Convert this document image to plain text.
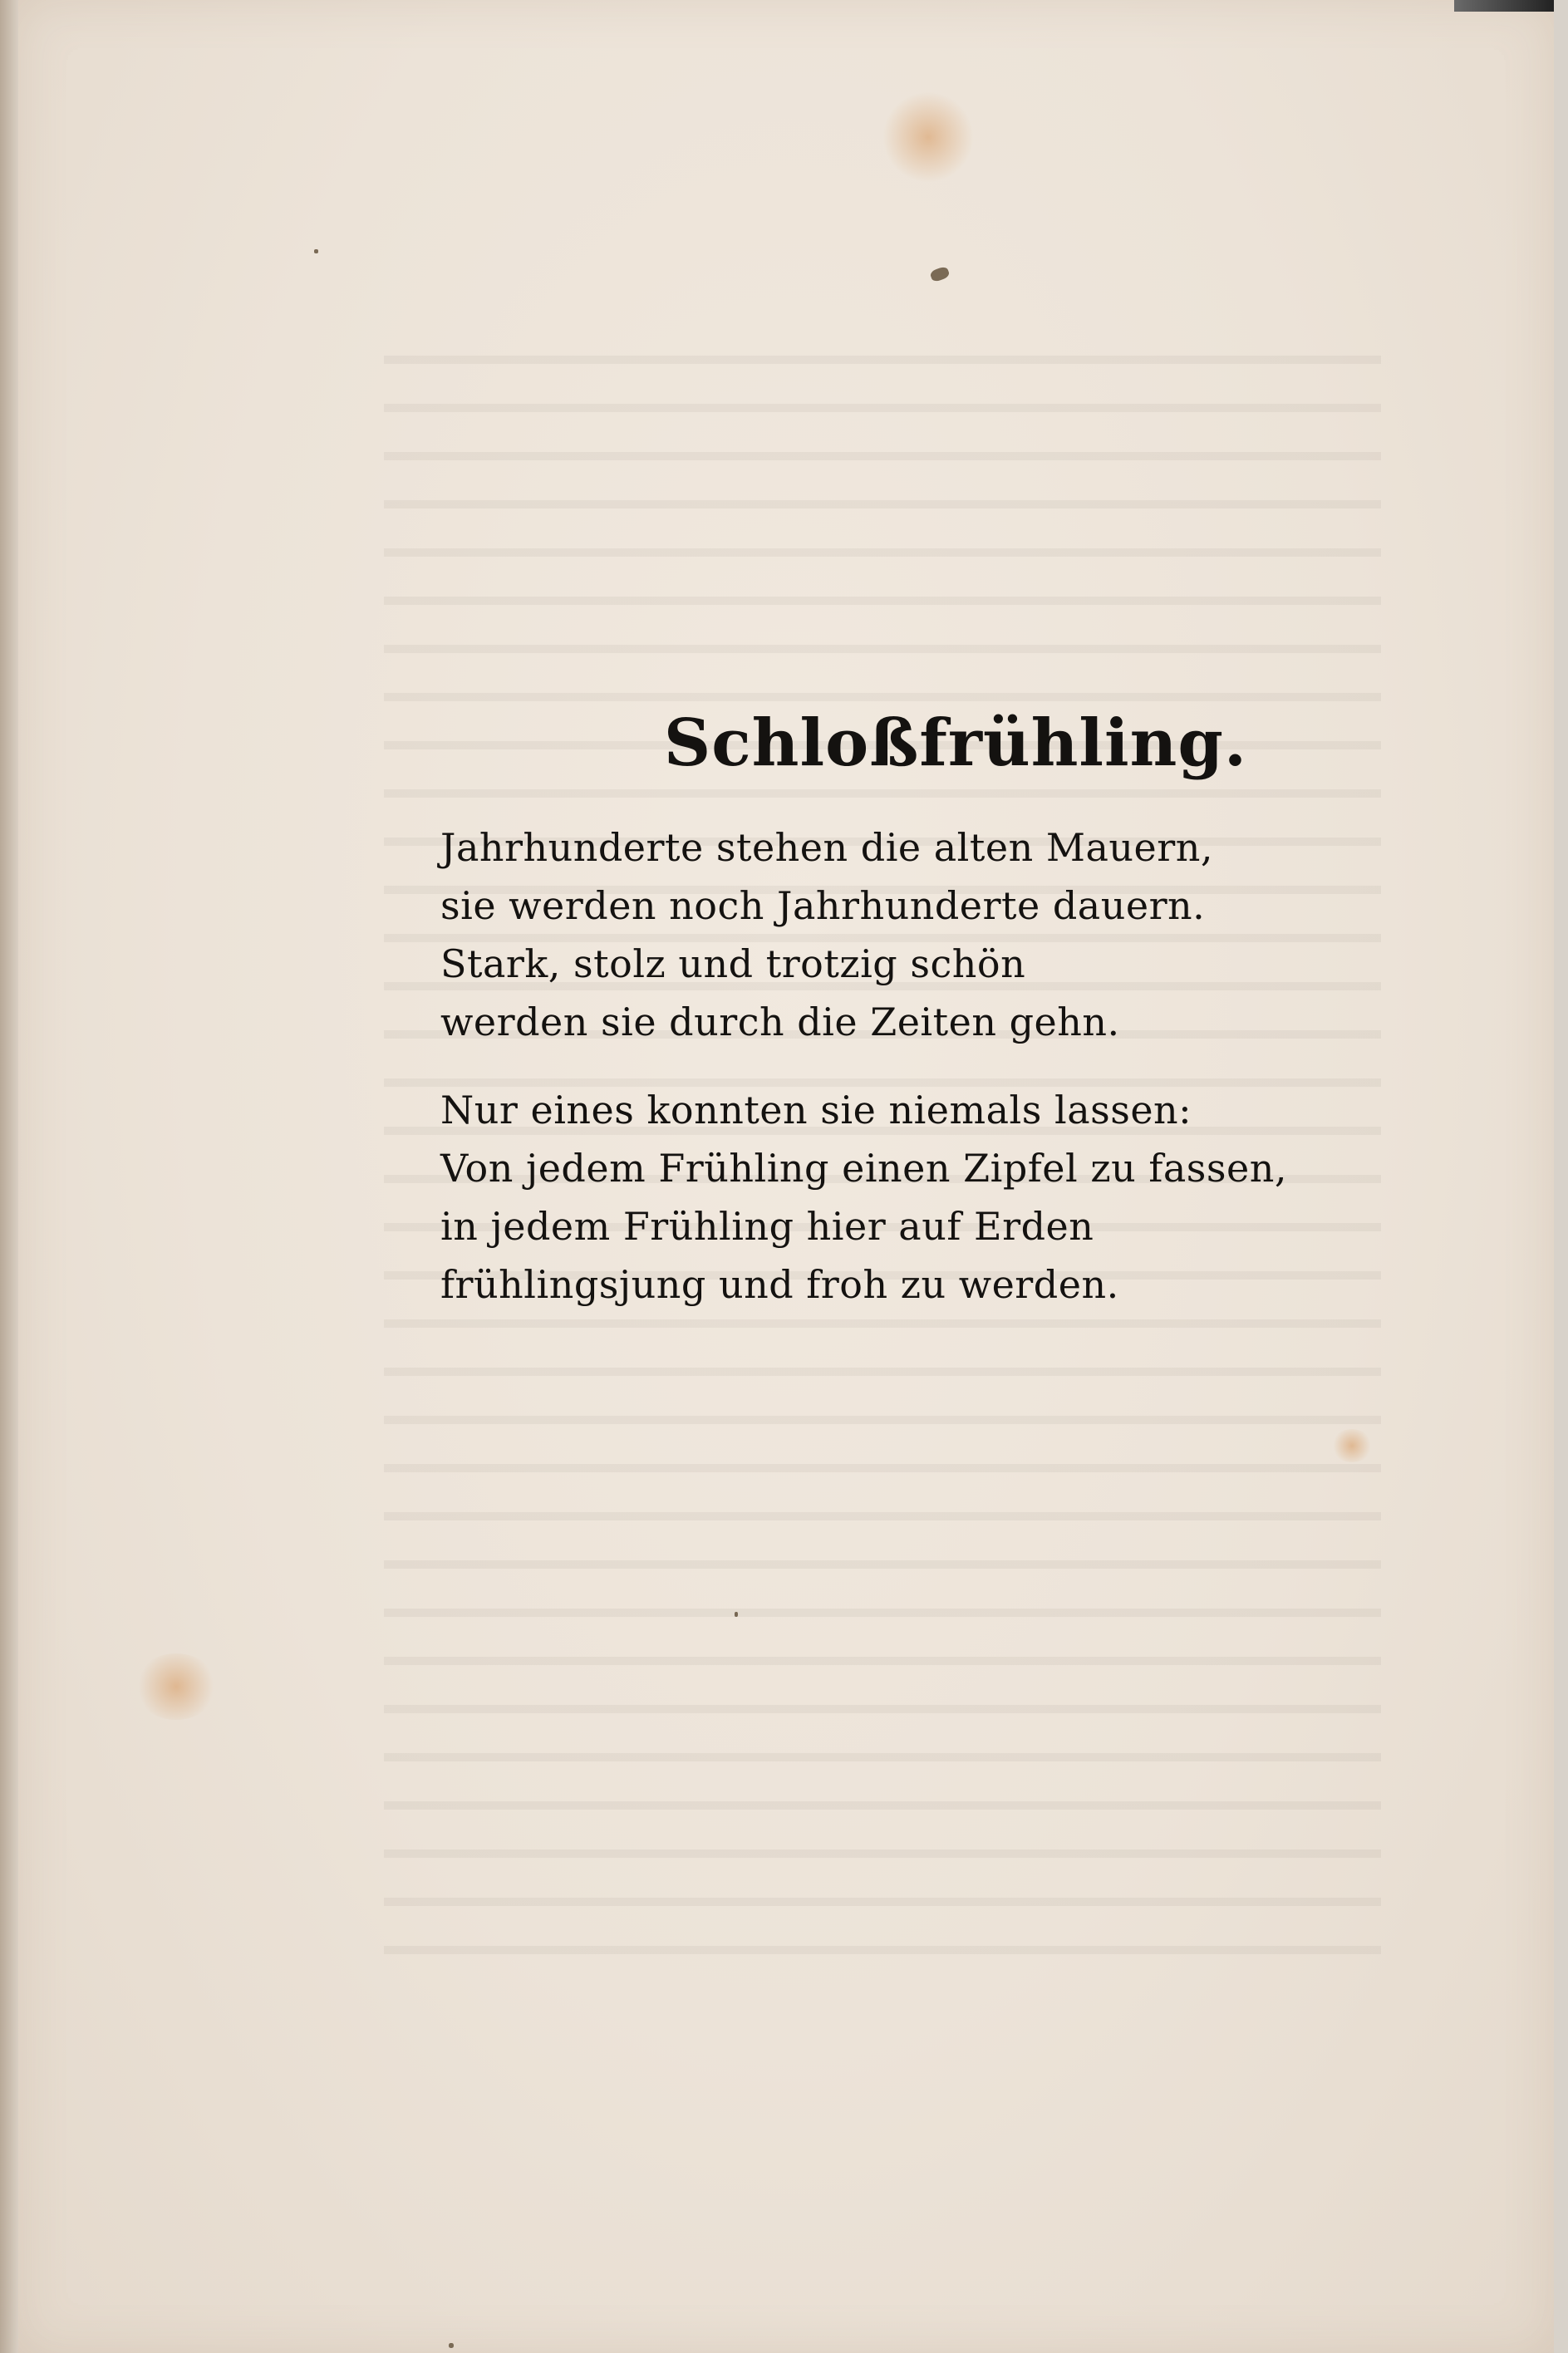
Schloßfrühling.
Jahrhunderte stehen die alten Mauern,
sie werden noch Jahrhunderte dauern.
Stark, stolz und trotzig schön
werden sie durch die Zeiten gehn.
Nur eines konnten sie niemals lassen:
Von jedem Frühling einen Zipfel zu fassen,
in jedem Frühling hier auf Erden
frühlingsjung und froh zu werden.
